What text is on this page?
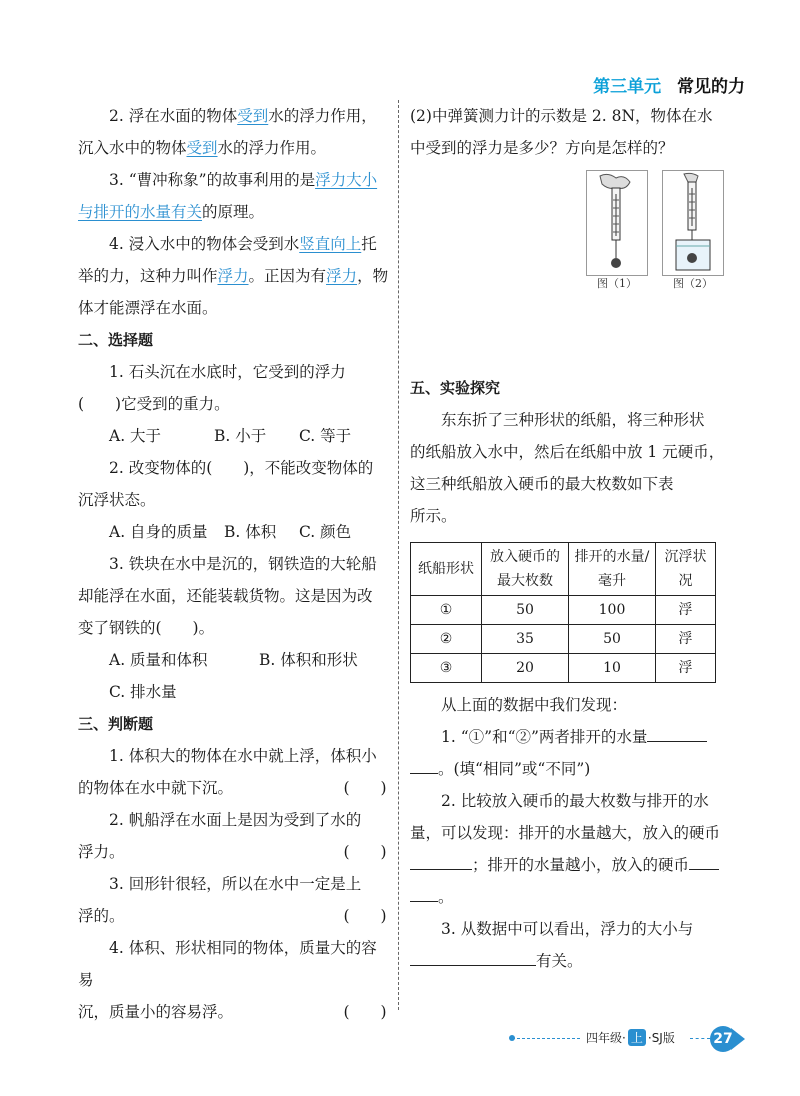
第三单元 常见的力

2. 浮在水面的物体受到水的浮力作用，

沉入水中的物体受到水的浮力作用。

3. “曹冲称象”的故事利用的是浮力大小

与排开的水量有关的原理。

4. 浸入水中的物体会受到水竖直向上托

举的力，这种力叫作浮力。正因为有浮力，物

体才能漂浮在水面。

二、选择题

1. 石头沉在水底时，它受到的浮力

(　　)它受到的重力。

A. 大于	B. 小于	C. 等于

2. 改变物体的(　　)，不能改变物体的

沉浮状态。

A. 自身的质量	B. 体积	C. 颜色

3. 铁块在水中是沉的，钢铁造的大轮船

却能浮在水面，还能装载货物。这是因为改

变了钢铁的(　　)。

A. 质量和体积	B. 体积和形状
C. 排水量

三、判断题

1. 体积大的物体在水中就上浮，体积小

的物体在水中就下沉。	(　　)

2. 帆船浮在水面上是因为受到了水的

浮力。	(　　)

3. 回形针很轻，所以在水中一定是上

浮的。	(　　)

4. 体积、形状相同的物体，质量大的容易

沉，质量小的容易浮。	(　　)

(2)中弹簧测力计的示数是 2. 8N，物体在水

中受到的浮力是多少？方向是怎样的？

图（1）	图（2）

五、实验探究

东东折了三种形状的纸船，将三种形状

的纸船放入水中，然后在纸船中放 1 元硬币，

这三种纸船放入硬币的最大枚数如下表

所示。

纸船形状	放入硬币的最大枚数	排开的水量/毫升	沉浮状况
①	50	100	浮
②	35	50	浮
③	20	10	浮

从上面的数据中我们发现：

1. “①”和“②”两者排开的水量

。(填“相同”或“不同”)

2. 比较放入硬币的最大枚数与排开的水

量，可以发现：排开的水量越大，放入的硬币

；排开的水量越小，放入的硬币

。

3. 从数据中可以看出，浮力的大小与

有关。

四年级· 上 ·SJ版	27
